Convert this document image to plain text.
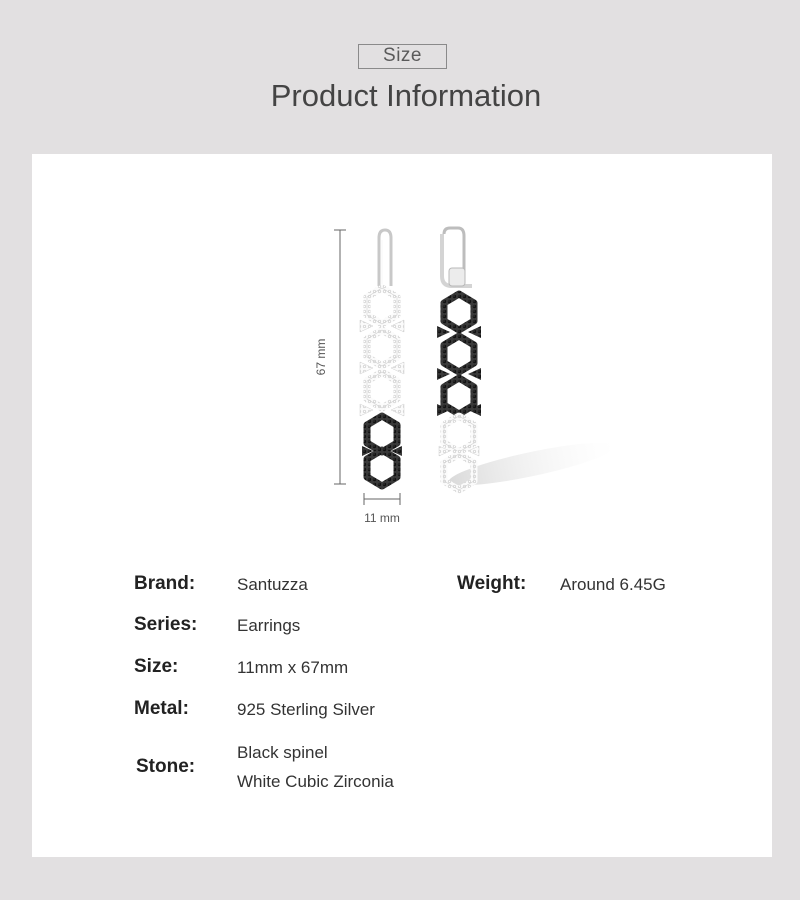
Size
Product Information
67 mm
11 mm
Brand: Santuzza	Weight: Around 6.45G
Series: Earrings
Size:	11mm x 67mm
Metal:	925 Sterling Silver
Stone:
Black spinel
White Cubic Zirconia
